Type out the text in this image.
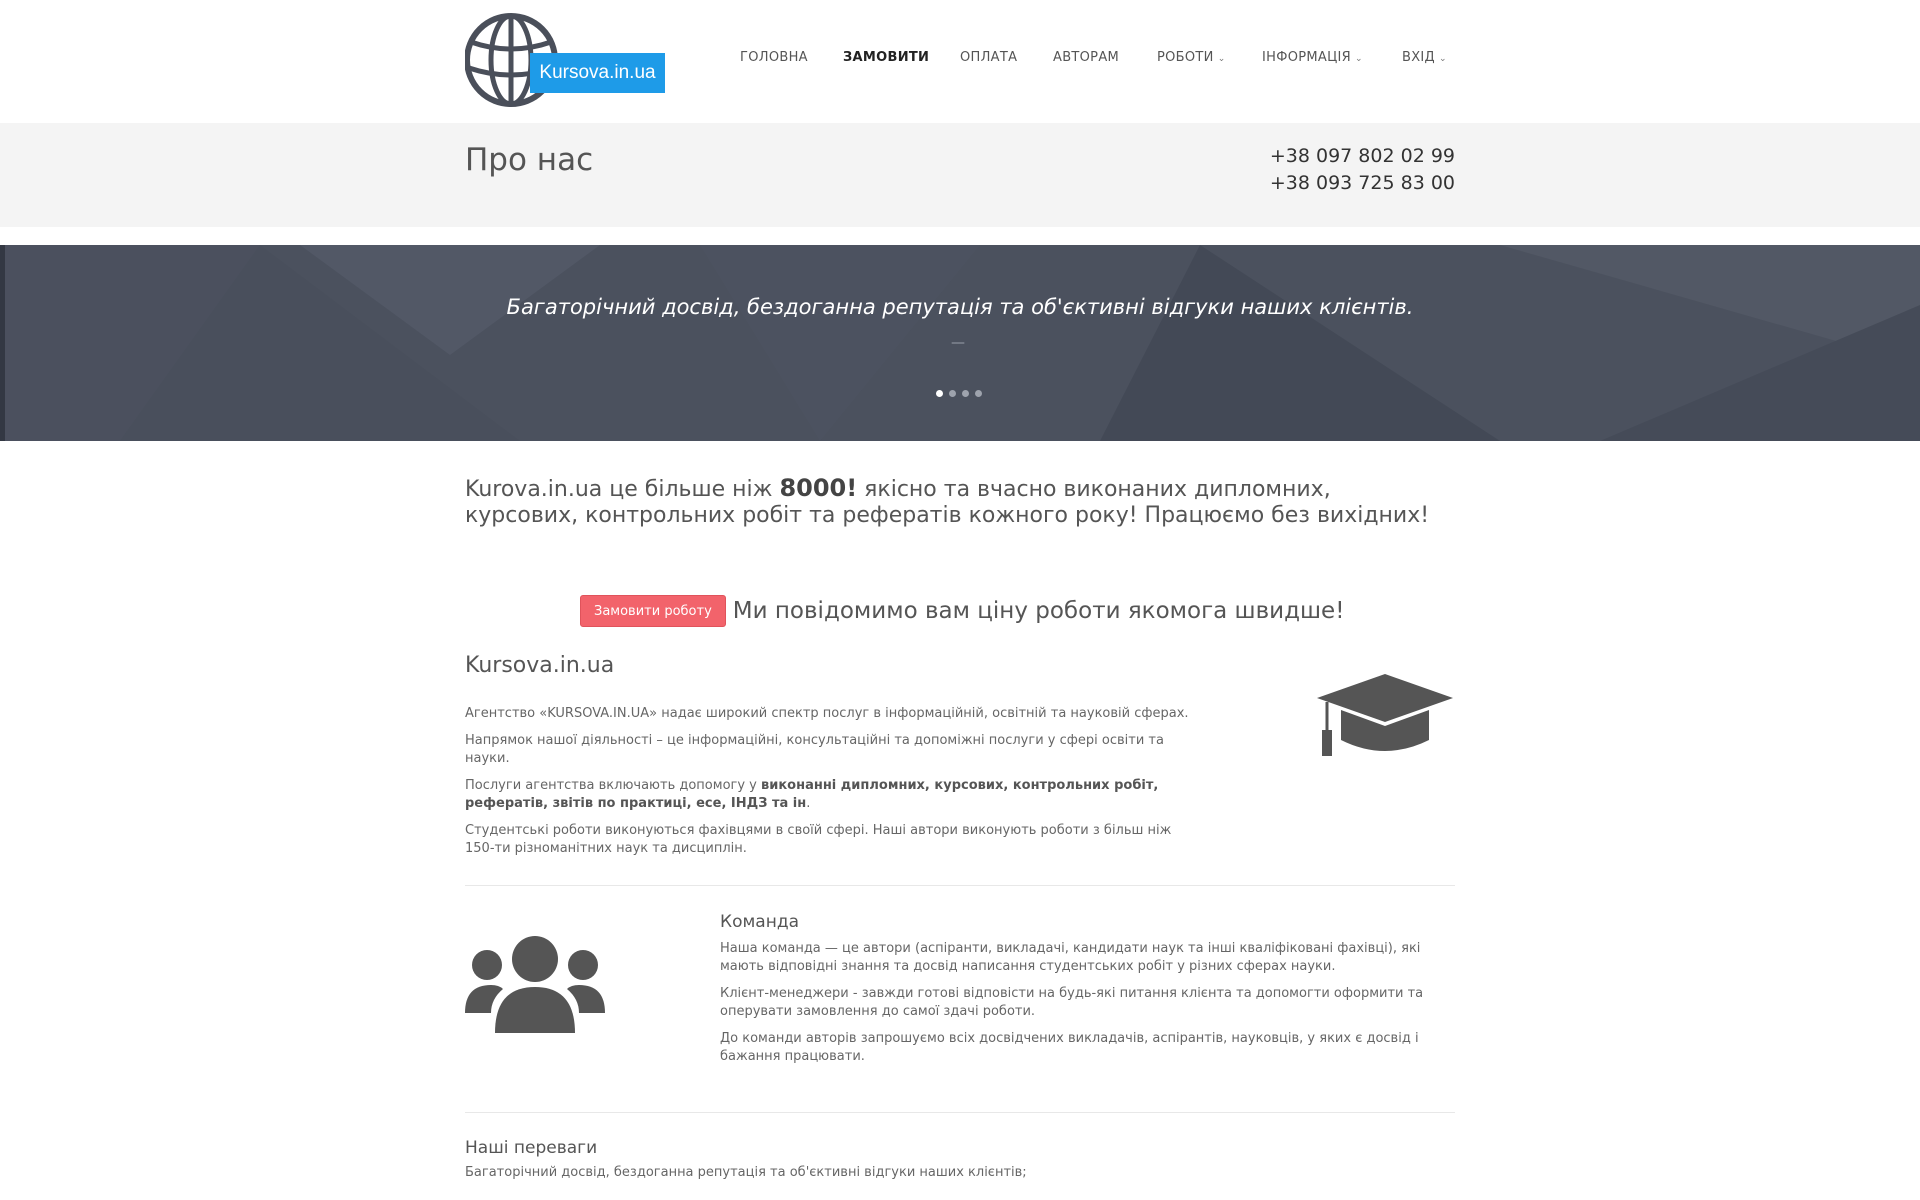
Kursova.in.ua
ГОЛОВНА	ЗАМОВИТИ ОПЛАТА	АВТОРАМ	РОБОТИ ⌄	ІНФОРМАЦІЯ ⌄	ВХІД ⌄
Про нас	+38 097 802 02 99
+38 093 725 83 00
Багаторічний досвід, бездоганна репутація та об'єктивні відгуки наших клієнтів.
—
Kurova.in.ua це більше ніж 8000! якісно та вчасно виконаних дипломних,
курсових, контрольних робіт та рефератів кожного року! Працюємо без вихідних!
Замовити роботу Ми повідомимо вам ціну роботи якомога швидше!
Kursova.in.ua

Агентство «KURSOVA.IN.UA» надає широкий спектр послуг в інформаційній, освітній та науковій сферах.

Напрямок нашої діяльності – це інформаційні, консультаційні та допоміжні послуги у сфері освіти та науки.

Послуги агентства включають допомогу у виконанні дипломних, курсових, контрольних робіт, рефератів, звітів по практиці, есе, ІНДЗ та ін.

Студентські роботи виконуються фахівцями в своїй сфері. Наші автори виконують роботи з більш ніж 150-ти різноманітних наук та дисциплін.

Команда

Наша команда — це автори (аспіранти, викладачі, кандидати наук та інші кваліфіковані фахівці), які мають відповідні знання та досвід написання студентських робіт у різних сферах науки.

Клієнт-менеджери - завжди готові відповісти на будь-які питання клієнта та допомогти оформити та оперувати замовлення до самої здачі роботи.

До команди авторів запрошуємо всіх досвідчених викладачів, аспірантів, науковців, у яких є досвід і бажання працювати.

Наші переваги

Багаторічний досвід, бездоганна репутація та об'єктивні відгуки наших клієнтів;
